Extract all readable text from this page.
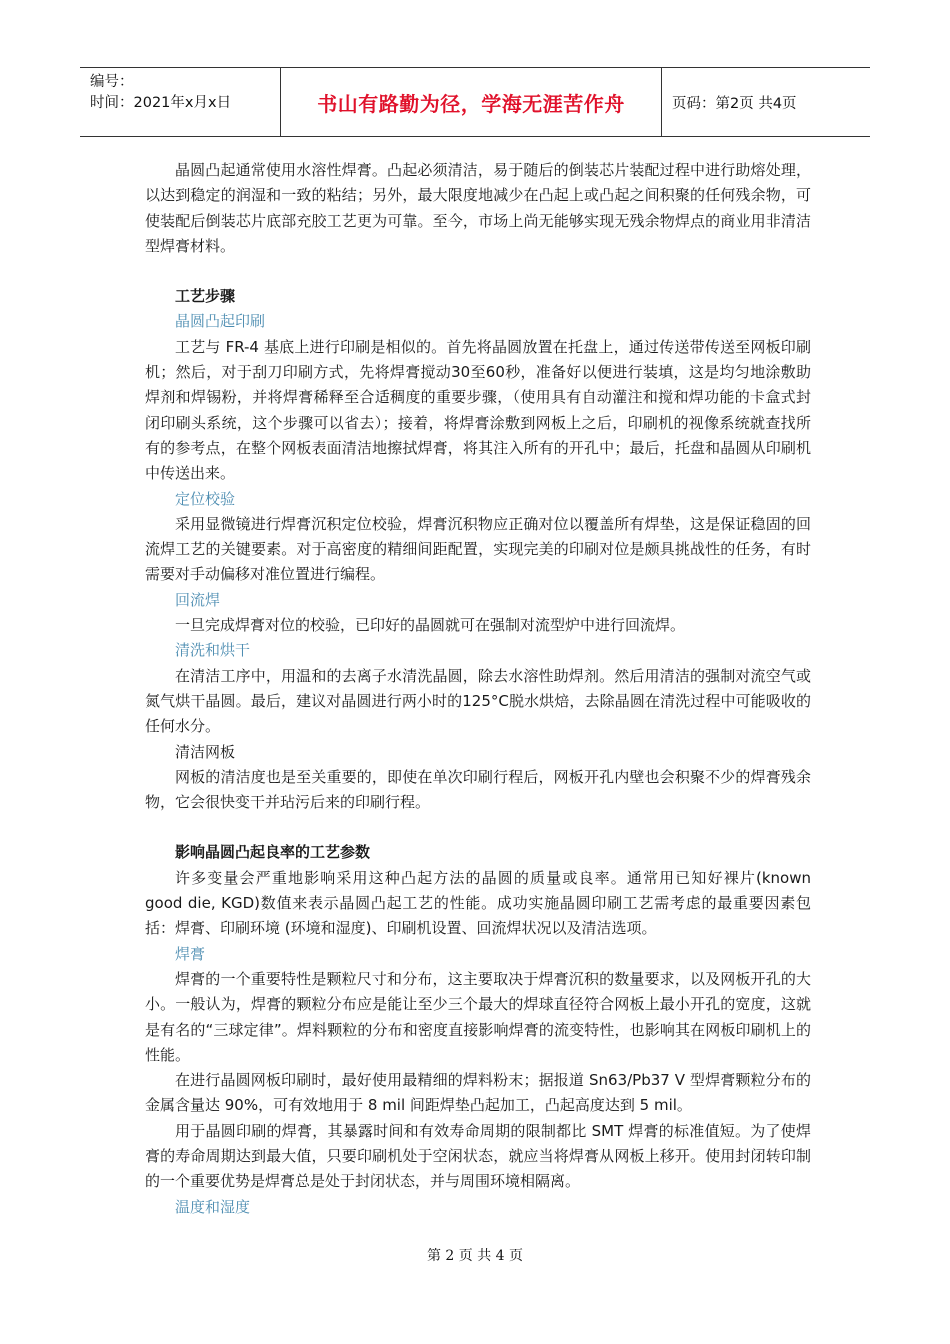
编号：
时间：2021年x月x日	书山有路勤为径，学海无涯苦作舟	页码：第2页 共4页

晶圆凸起通常使用水溶性焊膏。凸起必须清洁，易于随后的倒装芯片装配过程中进行助熔处理，以达到稳定的润湿和一致的粘结；另外，最大限度地减少在凸起上或凸起之间积聚的任何残余物，可使装配后倒装芯片底部充胶工艺更为可靠。至今，市场上尚无能够实现无残余物焊点的商业用非清洁型焊膏材料。

工艺步骤
晶圆凸起印刷

工艺与 FR-4 基底上进行印刷是相似的。首先将晶圆放置在托盘上，通过传送带传送至网板印刷机；然后，对于刮刀印刷方式，先将焊膏搅动30至60秒，准备好以便进行装填，这是均匀地涂敷助焊剂和焊锡粉，并将焊膏稀释至合适稠度的重要步骤，（使用具有自动灌注和搅和焊功能的卡盒式封闭印刷头系统，这个步骤可以省去）；接着，将焊膏涂敷到网板上之后，印刷机的视像系统就查找所有的参考点，在整个网板表面清洁地擦拭焊膏，将其注入所有的开孔中；最后，托盘和晶圆从印刷机中传送出来。

定位校验

采用显微镜进行焊膏沉积定位校验，焊膏沉积物应正确对位以覆盖所有焊垫，这是保证稳固的回流焊工艺的关键要素。对于高密度的精细间距配置，实现完美的印刷对位是颇具挑战性的任务，有时需要对手动偏移对准位置进行编程。

回流焊

一旦完成焊膏对位的校验，已印好的晶圆就可在强制对流型炉中进行回流焊。

清洗和烘干

在清洁工序中，用温和的去离子水清洗晶圆，除去水溶性助焊剂。然后用清洁的强制对流空气或氮气烘干晶圆。最后，建议对晶圆进行两小时的125°C脱水烘焙，去除晶圆在清洗过程中可能吸收的任何水分。

清洁网板

网板的清洁度也是至关重要的，即使在单次印刷行程后，网板开孔内壁也会积聚不少的焊膏残余物，它会很快变干并玷污后来的印刷行程。

影响晶圆凸起良率的工艺参数

许多变量会严重地影响采用这种凸起方法的晶圆的质量或良率。通常用已知好裸片(known good die, KGD)数值来表示晶圆凸起工艺的性能。成功实施晶圆印刷工艺需考虑的最重要因素包括：焊膏、印刷环境 (环境和湿度)、印刷机设置、回流焊状况以及清洁选项。

焊膏

焊膏的一个重要特性是颗粒尺寸和分布，这主要取决于焊膏沉积的数量要求，以及网板开孔的大小。一般认为，焊膏的颗粒分布应是能让至少三个最大的焊球直径符合网板上最小开孔的宽度，这就是有名的“三球定律”。焊料颗粒的分布和密度直接影响焊膏的流变特性，也影响其在网板印刷机上的性能。

在进行晶圆网板印刷时，最好使用最精细的焊料粉末；据报道 Sn63/Pb37 V 型焊膏颗粒分布的金属含量达 90%，可有效地用于 8 mil 间距焊垫凸起加工，凸起高度达到 5 mil。

用于晶圆印刷的焊膏，其暴露时间和有效寿命周期的限制都比 SMT 焊膏的标准值短。为了使焊膏的寿命周期达到最大值，只要印刷机处于空闲状态，就应当将焊膏从网板上移开。使用封闭转印制的一个重要优势是焊膏总是处于封闭状态，并与周围环境相隔离。

温度和湿度
第 2 页 共 4 页
